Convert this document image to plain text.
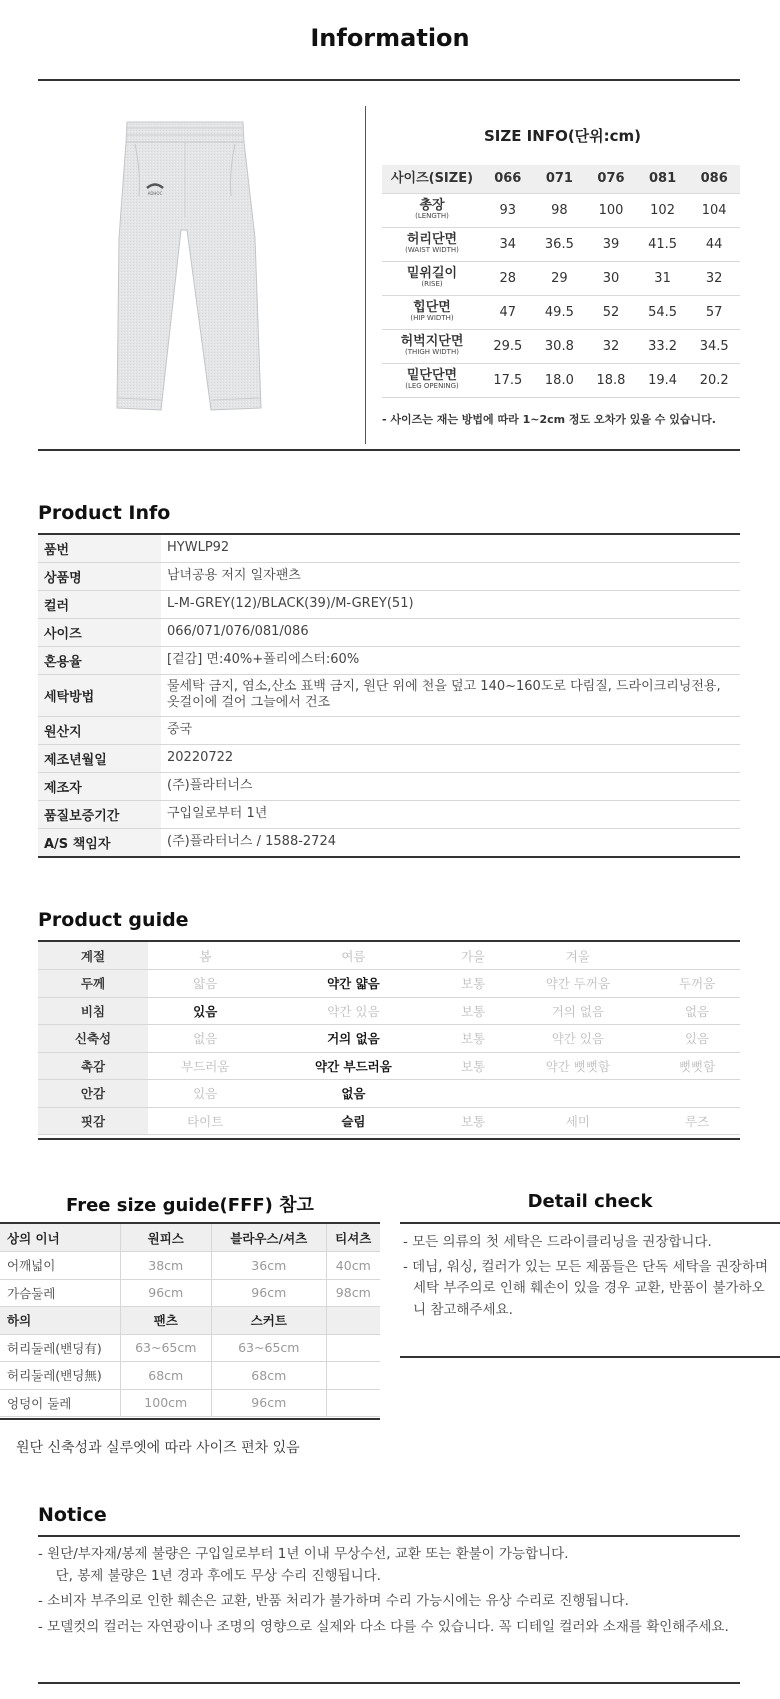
Information
ADHOC
SIZE INFO(단위:cm)
사이즈(SIZE)	066	071	076	081	086

총장
(LENGTH)	93	98	100	102	104

허리단면
(WAIST WIDTH)	34	36.5	39	41.5	44

밑위길이
(RISE)	28	29	30	31	32

힙단면
(HIP WIDTH)	47	49.5	52	54.5	57

허벅지단면
(THIGH WIDTH)	29.5	30.8	32	33.2	34.5

밑단단면
(LEG OPENING)	17.5	18.0	18.8	19.4	20.2
- 사이즈는 재는 방법에 따라 1~2cm 정도 오차가 있을 수 있습니다.
Product Info
품번	HYWLP92
상품명	남녀공용 저지 일자팬츠
컬러	L-M-GREY(12)/BLACK(39)/M-GREY(51)
사이즈	066/071/076/081/086
혼용율	[겉감] 면:40%+폴리에스터:60%
세탁방법	물세탁 금지, 염소,산소 표백 금지, 원단 위에 천을 덮고 140~160도로 다림질, 드라이크리닝전용, 옷걸이에 걸어 그늘에서 건조
원산지	중국
제조년월일	20220722
제조자	(주)플라터너스
품질보증기간	구입일로부터 1년
A/S 책임자	(주)플라터너스 / 1588-2724
Product guide
계절	봄	여름	가을	겨울	
두께	얇음	약간 얇음	보통	약간 두꺼움	두꺼움
비침	있음	약간 있음	보통	거의 없음	없음
신축성	없음	거의 없음	보통	약간 있음	있음
촉감	부드러움	약간 부드러움	보통	약간 뻣뻣함	뻣뻣함
안감	있음	없음			
핏감	타이트	슬림	보통	세미	루즈
Free size guide(FFF) 참고
상의 이너	원피스	블라우스/셔츠	티셔츠
어깨넓이	38cm	36cm	40cm
가슴둘레	96cm	96cm	98cm
하의	팬츠	스커트	
허리둘레(밴딩有)	63~65cm	63~65cm	
허리둘레(밴딩無)	68cm	68cm	
엉덩이 둘레	100cm	96cm	
원단 신축성과 실루엣에 따라 사이즈 편차 있음
Detail check
- 모든 의류의 첫 세탁은 드라이클리닝을 권장합니다.
- 데님, 워싱, 컬러가 있는 모든 제품들은 단독 세탁을 권장하며 세탁 부주의로 인해 훼손이 있을 경우 교환, 반품이 불가하오니 참고해주세요.
Notice

- 원단/부자재/봉제 불량은 구입일로부터 1년 이내 무상수선, 교환 또는 환불이 가능합니다.
단, 봉제 불량은 1년 경과 후에도 무상 수리 진행됩니다.

- 소비자 부주의로 인한 훼손은 교환, 반품 처리가 불가하며 수리 가능시에는 유상 수리로 진행됩니다.

- 모델컷의 컬러는 자연광이나 조명의 영향으로 실제와 다소 다를 수 있습니다. 꼭 디테일 컬러와 소재를 확인해주세요.
